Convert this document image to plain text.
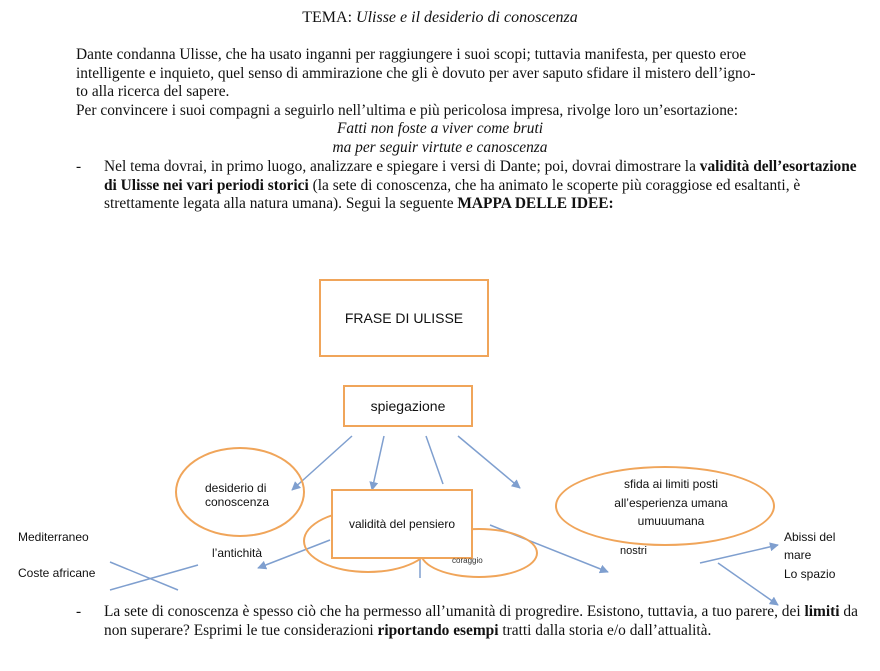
TEMA: Ulisse e il desiderio di conoscenza
Dante condanna Ulisse, che ha usato inganni per raggiungere i suoi scopi; tuttavia manifesta, per questo eroe
intelligente e inquieto, quel senso di ammirazione che gli è dovuto per aver saputo sfidare il mistero dell’igno-
to alla ricerca del sapere.
Per convincere i suoi compagni a seguirlo nell’ultima e più pericolosa impresa, rivolge loro un’esortazione:
Fatti non foste a viver come bruti
ma per seguir virtute e canoscenza
- Nel tema dovrai, in primo luogo, analizzare e spiegare i versi di Dante; poi, dovrai dimostrare la validità dell’esortazione di Ulisse nei vari periodi storici (la sete di conoscenza, che ha animato le scoperte più coraggiose ed esaltanti, è strettamente legata alla natura umana). Segui la seguente MAPPA DELLE IDEE:
FRASE DI ULISSE
spiegazione
validità del pensiero
desiderio di
conoscenza
l’antichità
coraggio
sfida ai limiti posti
all’esperienza umana
umuuumana
nostri
Mediterraneo
Coste africane
Abissi del
mare
Lo spazio
- La sete di conoscenza è spesso ciò che ha permesso all’umanità di progredire. Esistono, tuttavia, a tuo parere, dei limiti da non superare? Esprimi le tue considerazioni riportando esempi tratti dalla storia e/o dall’attualità.
